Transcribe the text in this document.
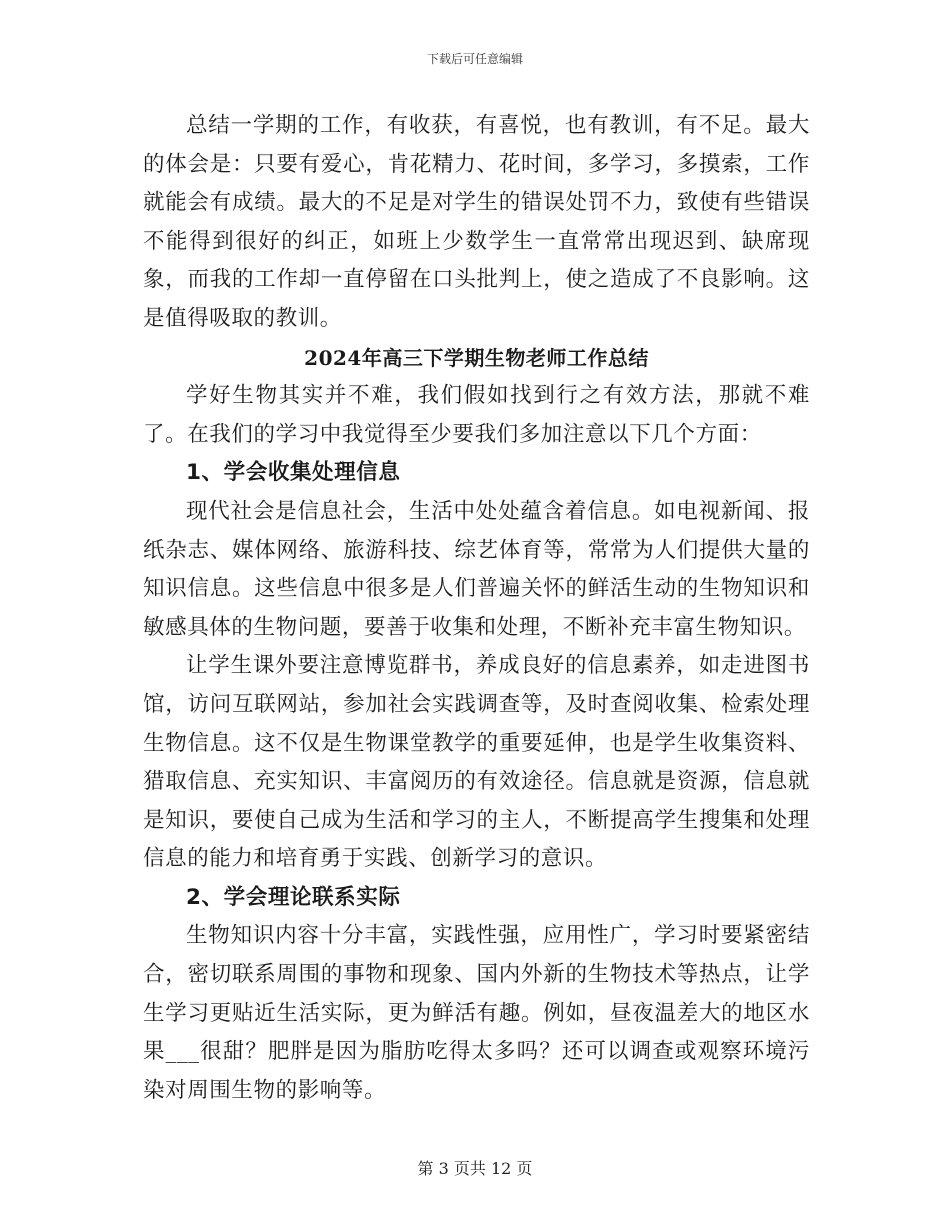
下载后可任意编辑

总结一学期的工作，有收获，有喜悦，也有教训，有不足。最大的体会是：只要有爱心，肯花精力、花时间，多学习，多摸索，工作就能会有成绩。最大的不足是对学生的错误处罚不力，致使有些错误不能得到很好的纠正，如班上少数学生一直常常出现迟到、缺席现象，而我的工作却一直停留在口头批判上，使之造成了不良影响。这是值得吸取的教训。

2024年高三下学期生物老师工作总结

学好生物其实并不难，我们假如找到行之有效方法，那就不难了。在我们的学习中我觉得至少要我们多加注意以下几个方面：

1、学会收集处理信息

现代社会是信息社会，生活中处处蕴含着信息。如电视新闻、报纸杂志、媒体网络、旅游科技、综艺体育等，常常为人们提供大量的知识信息。这些信息中很多是人们普遍关怀的鲜活生动的生物知识和敏感具体的生物问题，要善于收集和处理，不断补充丰富生物知识。

让学生课外要注意博览群书，养成良好的信息素养，如走进图书馆，访问互联网站，参加社会实践调查等，及时查阅收集、检索处理生物信息。这不仅是生物课堂教学的重要延伸，也是学生收集资料、猎取信息、充实知识、丰富阅历的有效途径。信息就是资源，信息就是知识，要使自己成为生活和学习的主人，不断提高学生搜集和处理信息的能力和培育勇于实践、创新学习的意识。

2、学会理论联系实际

生物知识内容十分丰富，实践性强，应用性广，学习时要紧密结合，密切联系周围的事物和现象、国内外新的生物技术等热点，让学生学习更贴近生活实际，更为鲜活有趣。例如，昼夜温差大的地区水果___很甜？肥胖是因为脂肪吃得太多吗？还可以调查或观察环境污染对周围生物的影响等。

第 3 页共 12 页
